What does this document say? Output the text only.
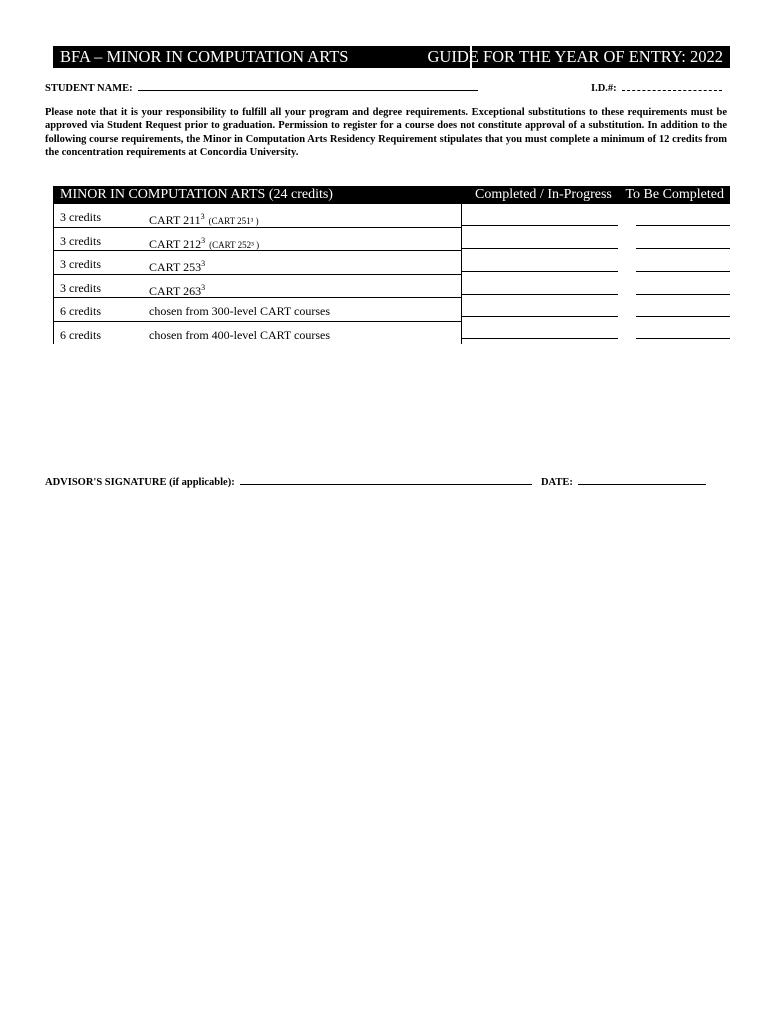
BFA – MINOR IN COMPUTATION ARTS	GUIDE FOR THE YEAR OF ENTRY: 2022
STUDENT NAME:	I.D.#:
Please note that it is your responsibility to fulfill all your program and degree requirements. Exceptional substitutions to these requirements must be approved via Student Request prior to graduation. Permission to register for a course does not constitute approval of a substitution. In addition to the following course requirements, the Minor in Computation Arts Residency Requirement stipulates that you must complete a minimum of 12 credits from the concentration requirements at Concordia University.
MINOR IN COMPUTATION ARTS (24 credits)	Completed / In-Progress To Be Completed
3 credits	CART $211^3$ (CART 251³ )
3 credits	CART $212^3$ (CART 252³ )
3 credits	CART $253^3$
3 credits	CART $263^3$
6 credits	chosen from 300-level CART courses
6 credits	chosen from 400-level CART courses
ADVISOR'S SIGNATURE (if applicable):	DATE:
